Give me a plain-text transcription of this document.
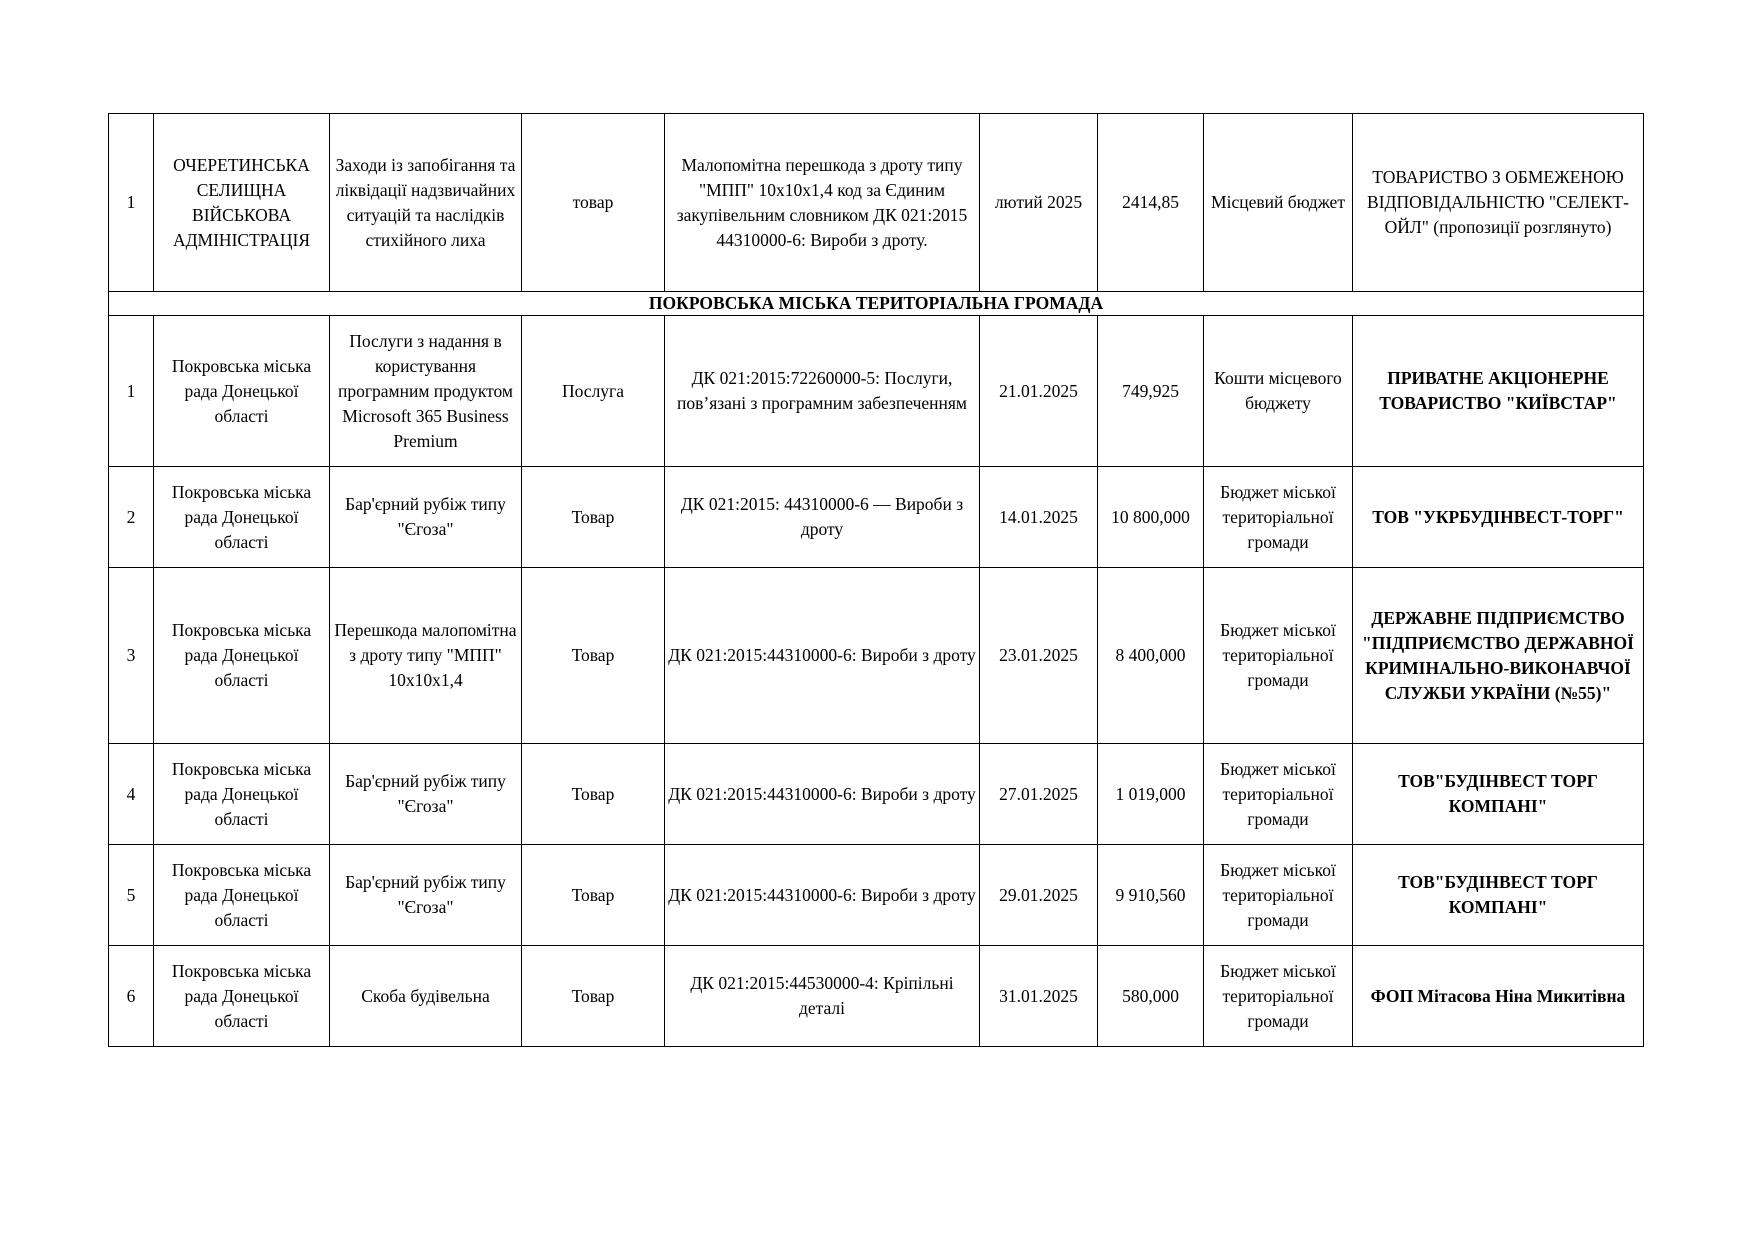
1	ОЧЕРЕТИНСЬКА СЕЛИЩНА ВІЙСЬКОВА АДМІНІСТРАЦІЯ	Заходи із запобігання та ліквідації надзвичайних ситуацій та наслідків стихійного лиха	товар	Малопомітна перешкода з дроту типу "МПП" 10х10х1,4 код за Єдиним закупівельним словником ДК 021:2015 44310000-6: Вироби з дроту.	лютий 2025	2414,85	Місцевий бюджет	ТОВАРИСТВО З ОБМЕЖЕНОЮ ВІДПОВІДАЛЬНІСТЮ "СЕЛЕКТ-ОЙЛ" (пропозиції розглянуто)
ПОКРОВСЬКА МІСЬКА ТЕРИТОРІАЛЬНА ГРОМАДА								
1	Покровська міська рада Донецької області	Послуги з надання в користування програмним продуктом Microsoft 365 Business Premium	Послуга	ДК 021:2015:72260000-5: Послуги, пов’язані з програмним забезпеченням	21.01.2025	749,925	Кошти місцевого бюджету	ПРИВАТНЕ АКЦІОНЕРНЕ ТОВАРИСТВО "КИЇВСТАР"
2	Покровська міська рада Донецької області	Бар'єрний рубіж типу "Єгоза"	Товар	ДК 021:2015: 44310000-6 — Вироби з дроту	14.01.2025	10 800,000	Бюджет міської територіальної громади	ТОВ "УКРБУДІНВЕСТ-ТОРГ"
3	Покровська міська рада Донецької області	Перешкода малопомітна з дроту типу "МПП" 10х10х1,4	Товар	ДК 021:2015:44310000-6: Вироби з дроту	23.01.2025	8 400,000	Бюджет міської територіальної громади	ДЕРЖАВНЕ ПІДПРИЄМСТВО "ПІДПРИЄМСТВО ДЕРЖАВНОЇ КРИМІНАЛЬНО-ВИКОНАВЧОЇ СЛУЖБИ УКРАЇНИ (№55)"
4	Покровська міська рада Донецької області	Бар'єрний рубіж типу "Єгоза"	Товар	ДК 021:2015:44310000-6: Вироби з дроту	27.01.2025	1 019,000	Бюджет міської територіальної громади	ТОВ"БУДІНВЕСТ ТОРГ КОМПАНІ"
5	Покровська міська рада Донецької області	Бар'єрний рубіж типу "Єгоза"	Товар	ДК 021:2015:44310000-6: Вироби з дроту	29.01.2025	9 910,560	Бюджет міської територіальної громади	ТОВ"БУДІНВЕСТ ТОРГ КОМПАНІ"
6	Покровська міська рада Донецької області	Скоба будівельна	Товар	ДК 021:2015:44530000-4: Кріпільні деталі	31.01.2025	580,000	Бюджет міської територіальної громади	ФОП Мітасова Ніна Микитівна
